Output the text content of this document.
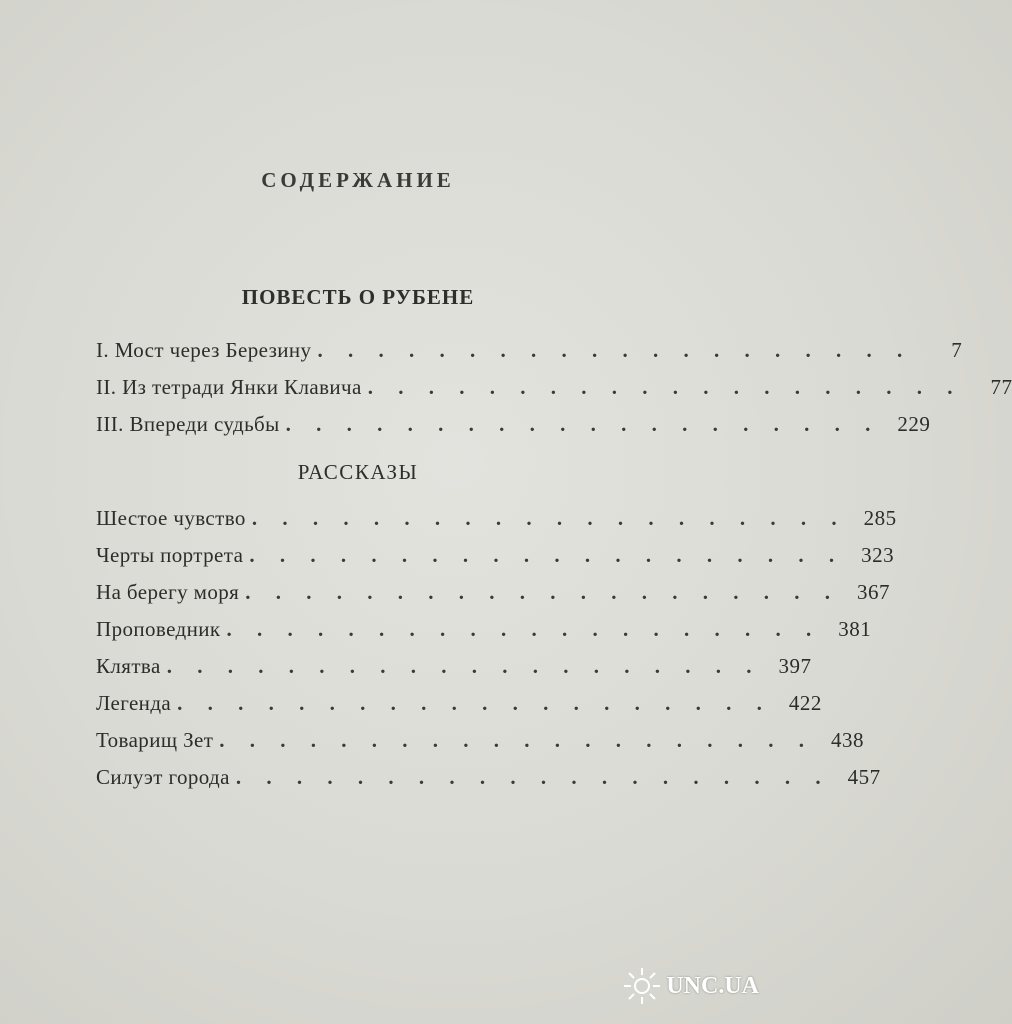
СОДЕРЖАНИЕ
ПОВЕСТЬ О РУБЕНЕ
I. Мост через Березину . . . . . . . . . . . . . . . . . . . .	7
II. Из тетради Янки Клавича . . . . . . . . . . . . . . . . . . . .	77
III. Впереди судьбы . . . . . . . . . . . . . . . . . . . . 229
РАССКАЗЫ
Шестое чувство . . . . . . . . . . . . . . . . . . . . 285
Черты портрета . . . . . . . . . . . . . . . . . . . . 323
На берегу моря . . . . . . . . . . . . . . . . . . . . 367
Проповедник . . . . . . . . . . . . . . . . . . . . 381
Клятва . . . . . . . . . . . . . . . . . . . . 397
Легенда . . . . . . . . . . . . . . . . . . . . 422
Товарищ Зет . . . . . . . . . . . . . . . . . . . . 438
Силуэт города . . . . . . . . . . . . . . . . . . . . 457
UNC.UA
